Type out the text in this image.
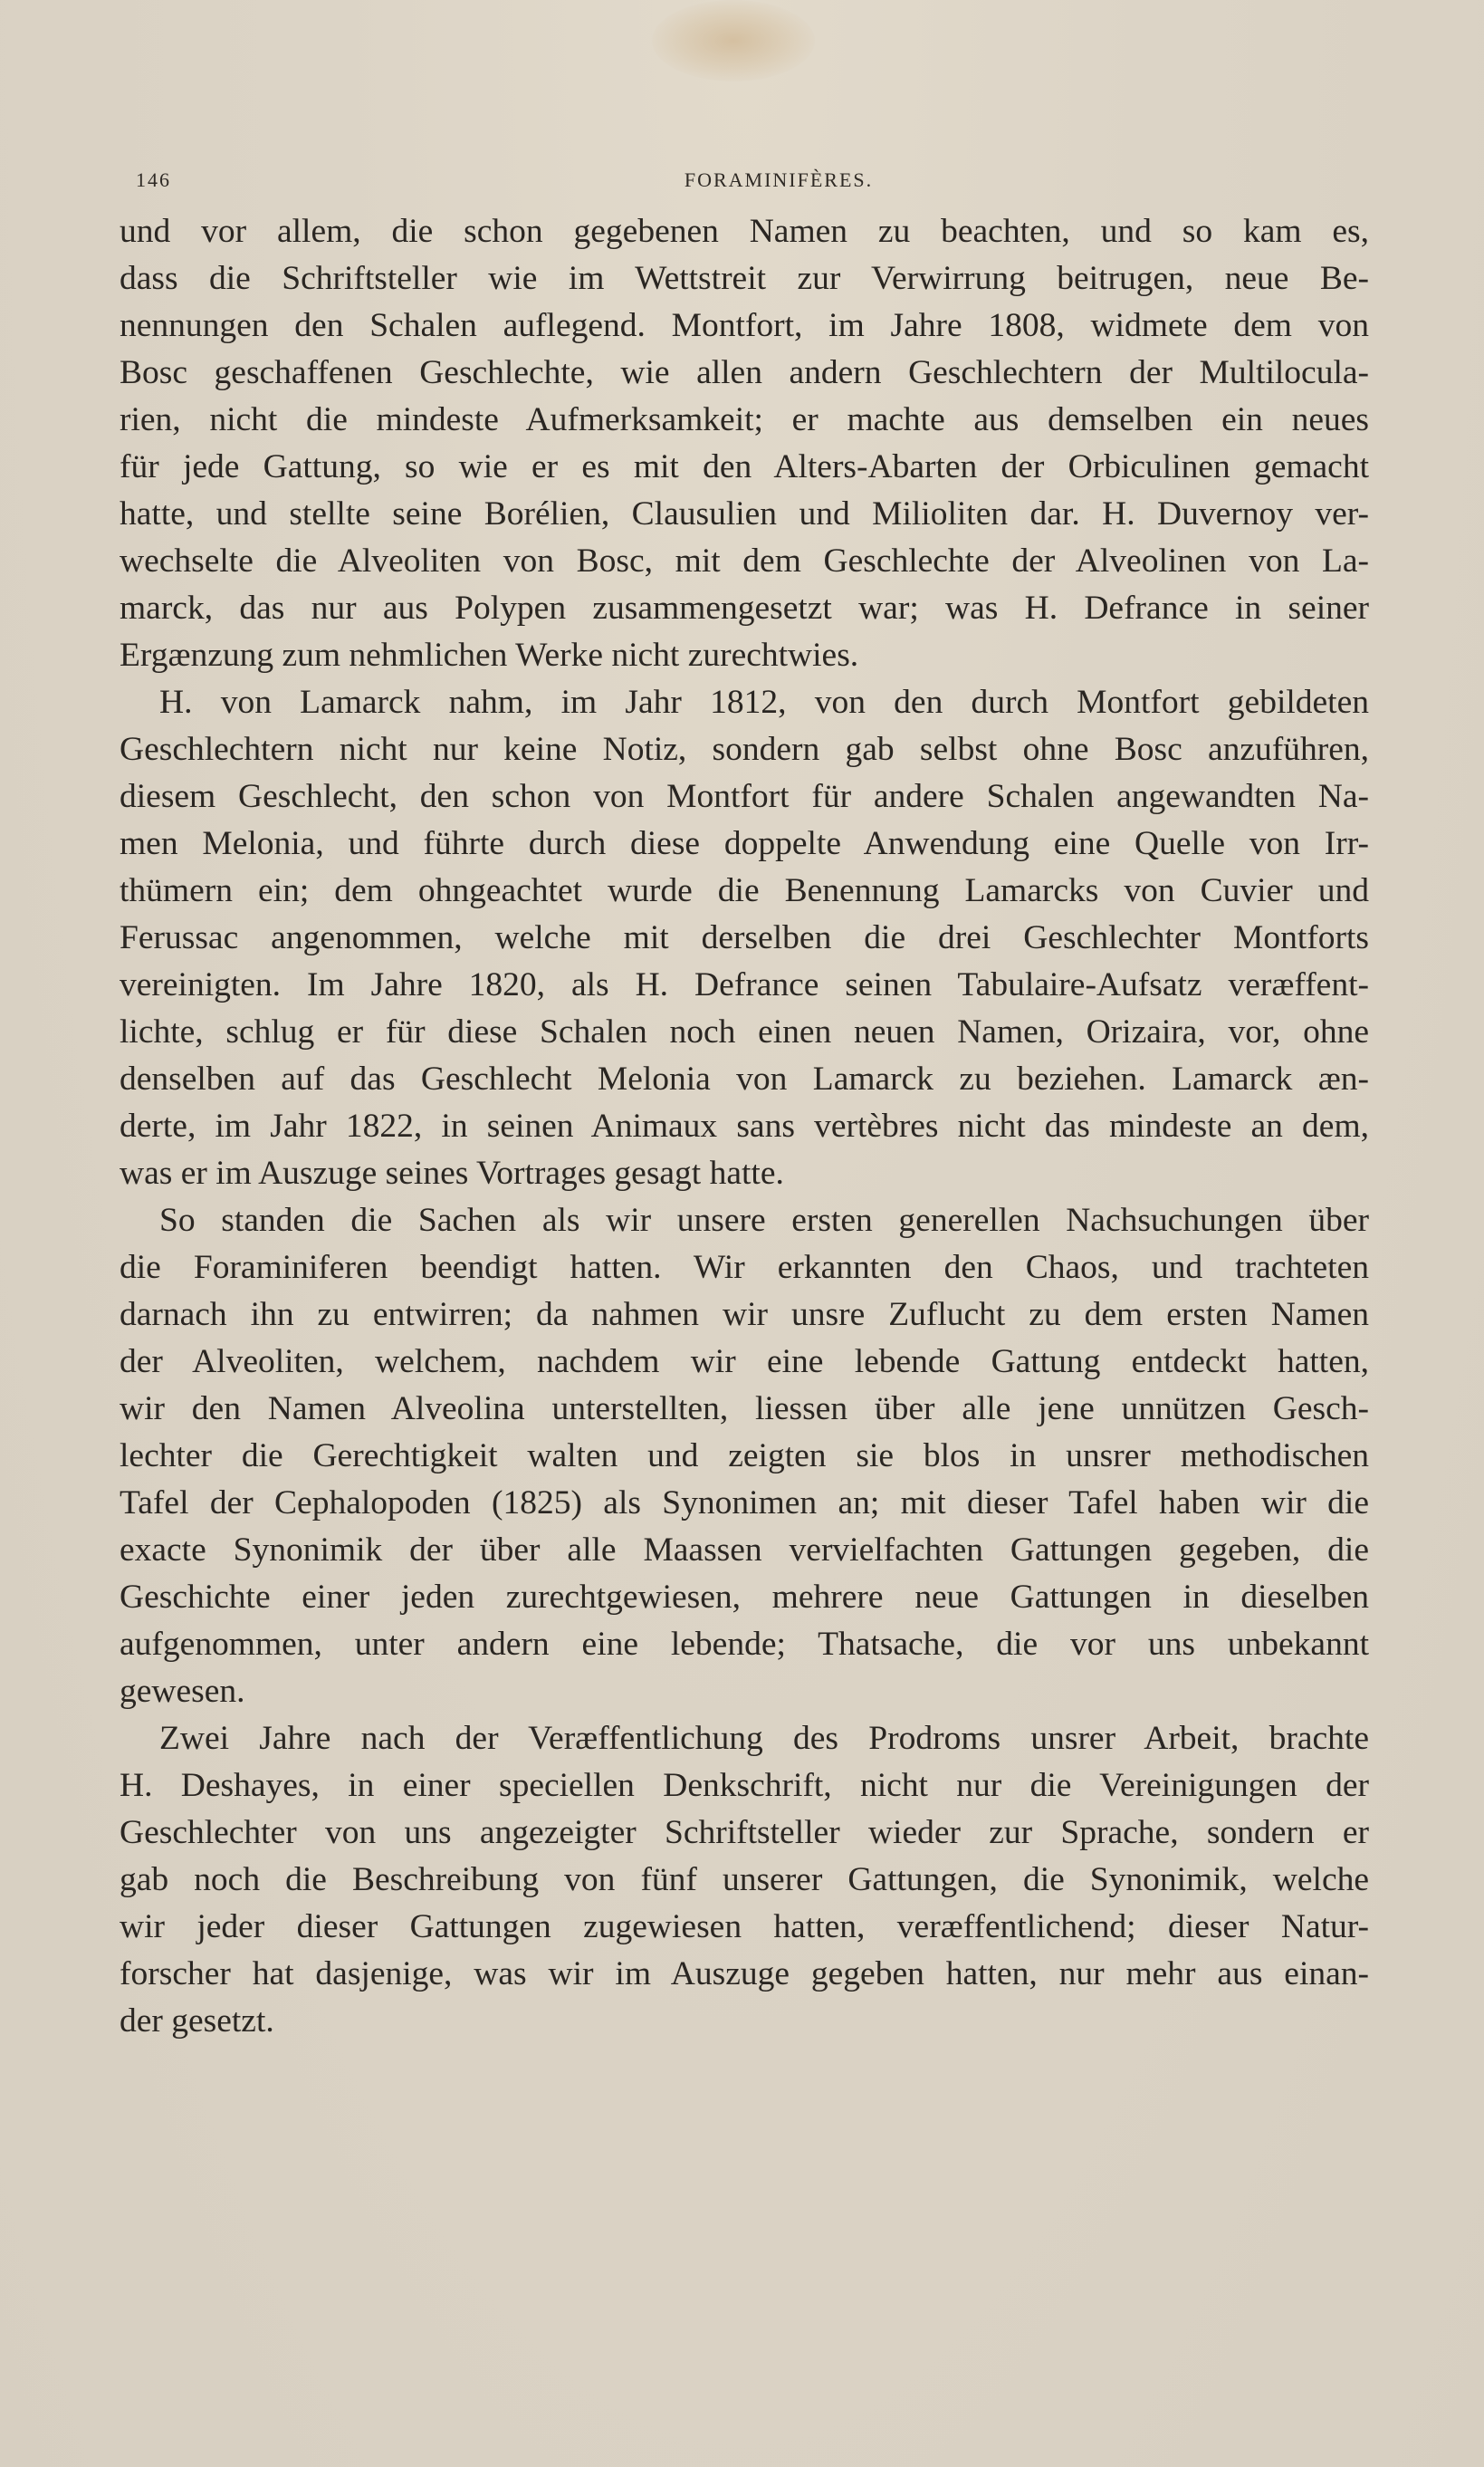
146	FORAMINIFÈRES.
und vor allem, die schon gegebenen Namen zu beachten, und so kam es,
dass die Schriftsteller wie im Wettstreit zur Verwirrung beitrugen, neue Be-
nennungen den Schalen auflegend. Montfort, im Jahre 1808, widmete dem von
Bosc geschaffenen Geschlechte, wie allen andern Geschlechtern der Multilocula-
rien, nicht die mindeste Aufmerksamkeit; er machte aus demselben ein neues
für jede Gattung, so wie er es mit den Alters-Abarten der Orbiculinen gemacht
hatte, und stellte seine Borélien, Clausulien und Milioliten dar. H. Duvernoy ver-
wechselte die Alveoliten von Bosc, mit dem Geschlechte der Alveolinen von La-
marck, das nur aus Polypen zusammengesetzt war; was H. Defrance in seiner
Ergænzung zum nehmlichen Werke nicht zurechtwies.
H. von Lamarck nahm, im Jahr 1812, von den durch Montfort gebildeten
Geschlechtern nicht nur keine Notiz, sondern gab selbst ohne Bosc anzuführen,
diesem Geschlecht, den schon von Montfort für andere Schalen angewandten Na-
men Melonia, und führte durch diese doppelte Anwendung eine Quelle von Irr-
thümern ein; dem ohngeachtet wurde die Benennung Lamarcks von Cuvier und
Ferussac angenommen, welche mit derselben die drei Geschlechter Montforts
vereinigten. Im Jahre 1820, als H. Defrance seinen Tabulaire-Aufsatz veræffent-
lichte, schlug er für diese Schalen noch einen neuen Namen, Orizaira, vor, ohne
denselben auf das Geschlecht Melonia von Lamarck zu beziehen. Lamarck æn-
derte, im Jahr 1822, in seinen Animaux sans vertèbres nicht das mindeste an dem,
was er im Auszuge seines Vortrages gesagt hatte.
So standen die Sachen als wir unsere ersten generellen Nachsuchungen über
die Foraminiferen beendigt hatten. Wir erkannten den Chaos, und trachteten
darnach ihn zu entwirren; da nahmen wir unsre Zuflucht zu dem ersten Namen
der Alveoliten, welchem, nachdem wir eine lebende Gattung entdeckt hatten,
wir den Namen Alveolina unterstellten, liessen über alle jene unnützen Gesch-
lechter die Gerechtigkeit walten und zeigten sie blos in unsrer methodischen
Tafel der Cephalopoden (1825) als Synonimen an; mit dieser Tafel haben wir die
exacte Synonimik der über alle Maassen vervielfachten Gattungen gegeben, die
Geschichte einer jeden zurechtgewiesen, mehrere neue Gattungen in dieselben
aufgenommen, unter andern eine lebende; Thatsache, die vor uns unbekannt
gewesen.
Zwei Jahre nach der Veræffentlichung des Prodroms unsrer Arbeit, brachte
H. Deshayes, in einer speciellen Denkschrift, nicht nur die Vereinigungen der
Geschlechter von uns angezeigter Schriftsteller wieder zur Sprache, sondern er
gab noch die Beschreibung von fünf unserer Gattungen, die Synonimik, welche
wir jeder dieser Gattungen zugewiesen hatten, veræffentlichend; dieser Natur-
forscher hat dasjenige, was wir im Auszuge gegeben hatten, nur mehr aus einan-
der gesetzt.
